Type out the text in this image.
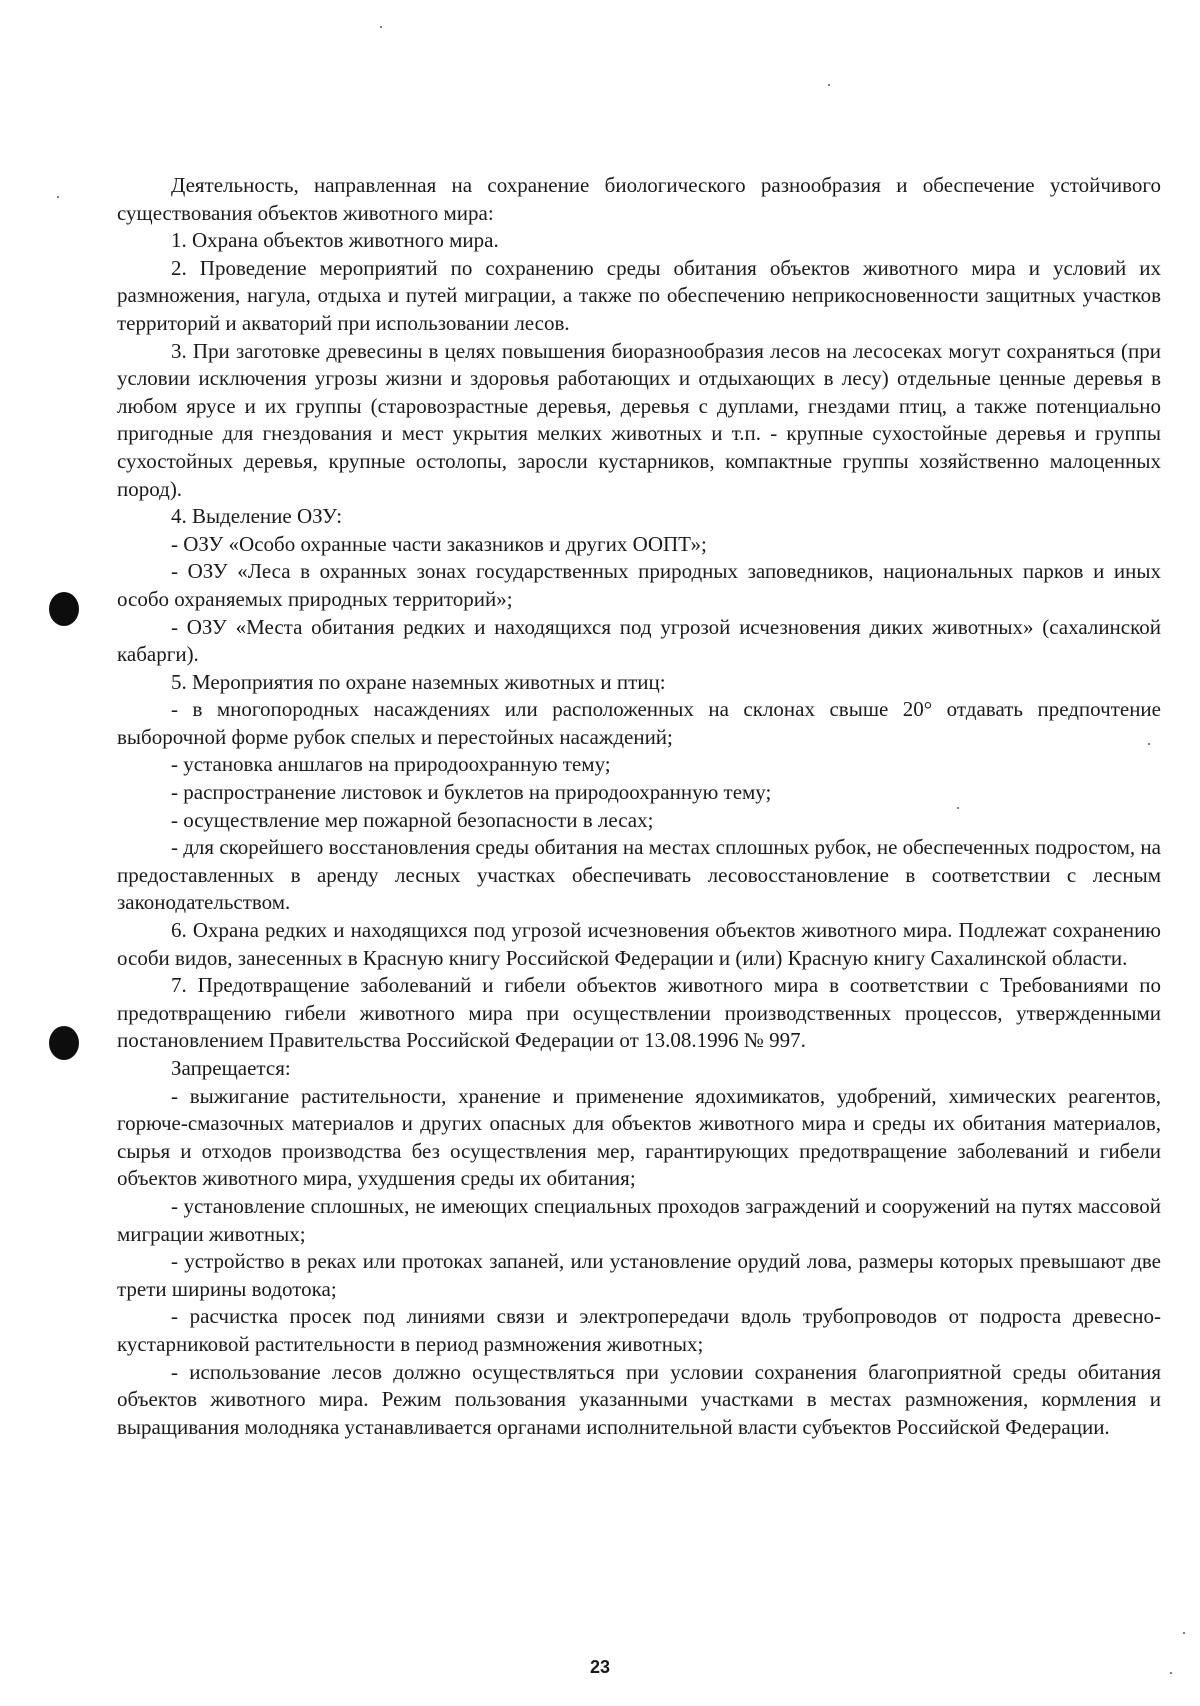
Деятельность, направленная на сохранение биологического разнообразия и обеспечение устойчивого существования объектов животного мира:

1. Охрана объектов животного мира.

2. Проведение мероприятий по сохранению среды обитания объектов животного мира и условий их размножения, нагула, отдыха и путей миграции, а также по обеспечению неприкосновенности защитных участков территорий и акваторий при использовании лесов.

3. При заготовке древесины в целях повышения биоразнообразия лесов на лесосеках могут сохраняться (при условии исключения угрозы жизни и здоровья работающих и отдыхающих в лесу) отдельные ценные деревья в любом ярусе и их группы (старовозрастные деревья, деревья с дуплами, гнездами птиц, а также потенциально пригодные для гнездования и мест укрытия мелких животных и т.п. - крупные сухостойные деревья и группы сухостойных деревья, крупные остолопы, заросли кустарников, компактные группы хозяйственно малоценных пород).

4. Выделение ОЗУ:

- ОЗУ «Особо охранные части заказников и других ООПТ»;

- ОЗУ «Леса в охранных зонах государственных природных заповедников, национальных парков и иных особо охраняемых природных территорий»;

- ОЗУ «Места обитания редких и находящихся под угрозой исчезновения диких животных» (сахалинской кабарги).

5. Мероприятия по охране наземных животных и птиц:

- в многопородных насаждениях или расположенных на склонах свыше 20° отдавать предпочтение выборочной форме рубок спелых и перестойных насаждений;

- установка аншлагов на природоохранную тему;

- распространение листовок и буклетов на природоохранную тему;

- осуществление мер пожарной безопасности в лесах;

- для скорейшего восстановления среды обитания на местах сплошных рубок, не обеспеченных подростом, на предоставленных в аренду лесных участках обеспечивать лесовосстановление в соответствии с лесным законодательством.

6. Охрана редких и находящихся под угрозой исчезновения объектов животного мира. Подлежат сохранению особи видов, занесенных в Красную книгу Российской Федерации и (или) Красную книгу Сахалинской области.

7. Предотвращение заболеваний и гибели объектов животного мира в соответствии с Требованиями по предотвращению гибели животного мира при осуществлении производственных процессов, утвержденными постановлением Правительства Российской Федерации от 13.08.1996 № 997.

Запрещается:

- выжигание растительности, хранение и применение ядохимикатов, удобрений, химических реагентов, горюче-смазочных материалов и других опасных для объектов животного мира и среды их обитания материалов, сырья и отходов производства без осуществления мер, гарантирующих предотвращение заболеваний и гибели объектов животного мира, ухудшения среды их обитания;

- установление сплошных, не имеющих специальных проходов заграждений и сооружений на путях массовой миграции животных;

- устройство в реках или протоках запаней, или установление орудий лова, размеры которых превышают две трети ширины водотока;

- расчистка просек под линиями связи и электропередачи вдоль трубопроводов от подроста древесно-кустарниковой растительности в период размножения животных;

- использование лесов должно осуществляться при условии сохранения благоприятной среды обитания объектов животного мира. Режим пользования указанными участками в местах размножения, кормления и выращивания молодняка устанавливается органами исполнительной власти субъектов Российской Федерации.

23
